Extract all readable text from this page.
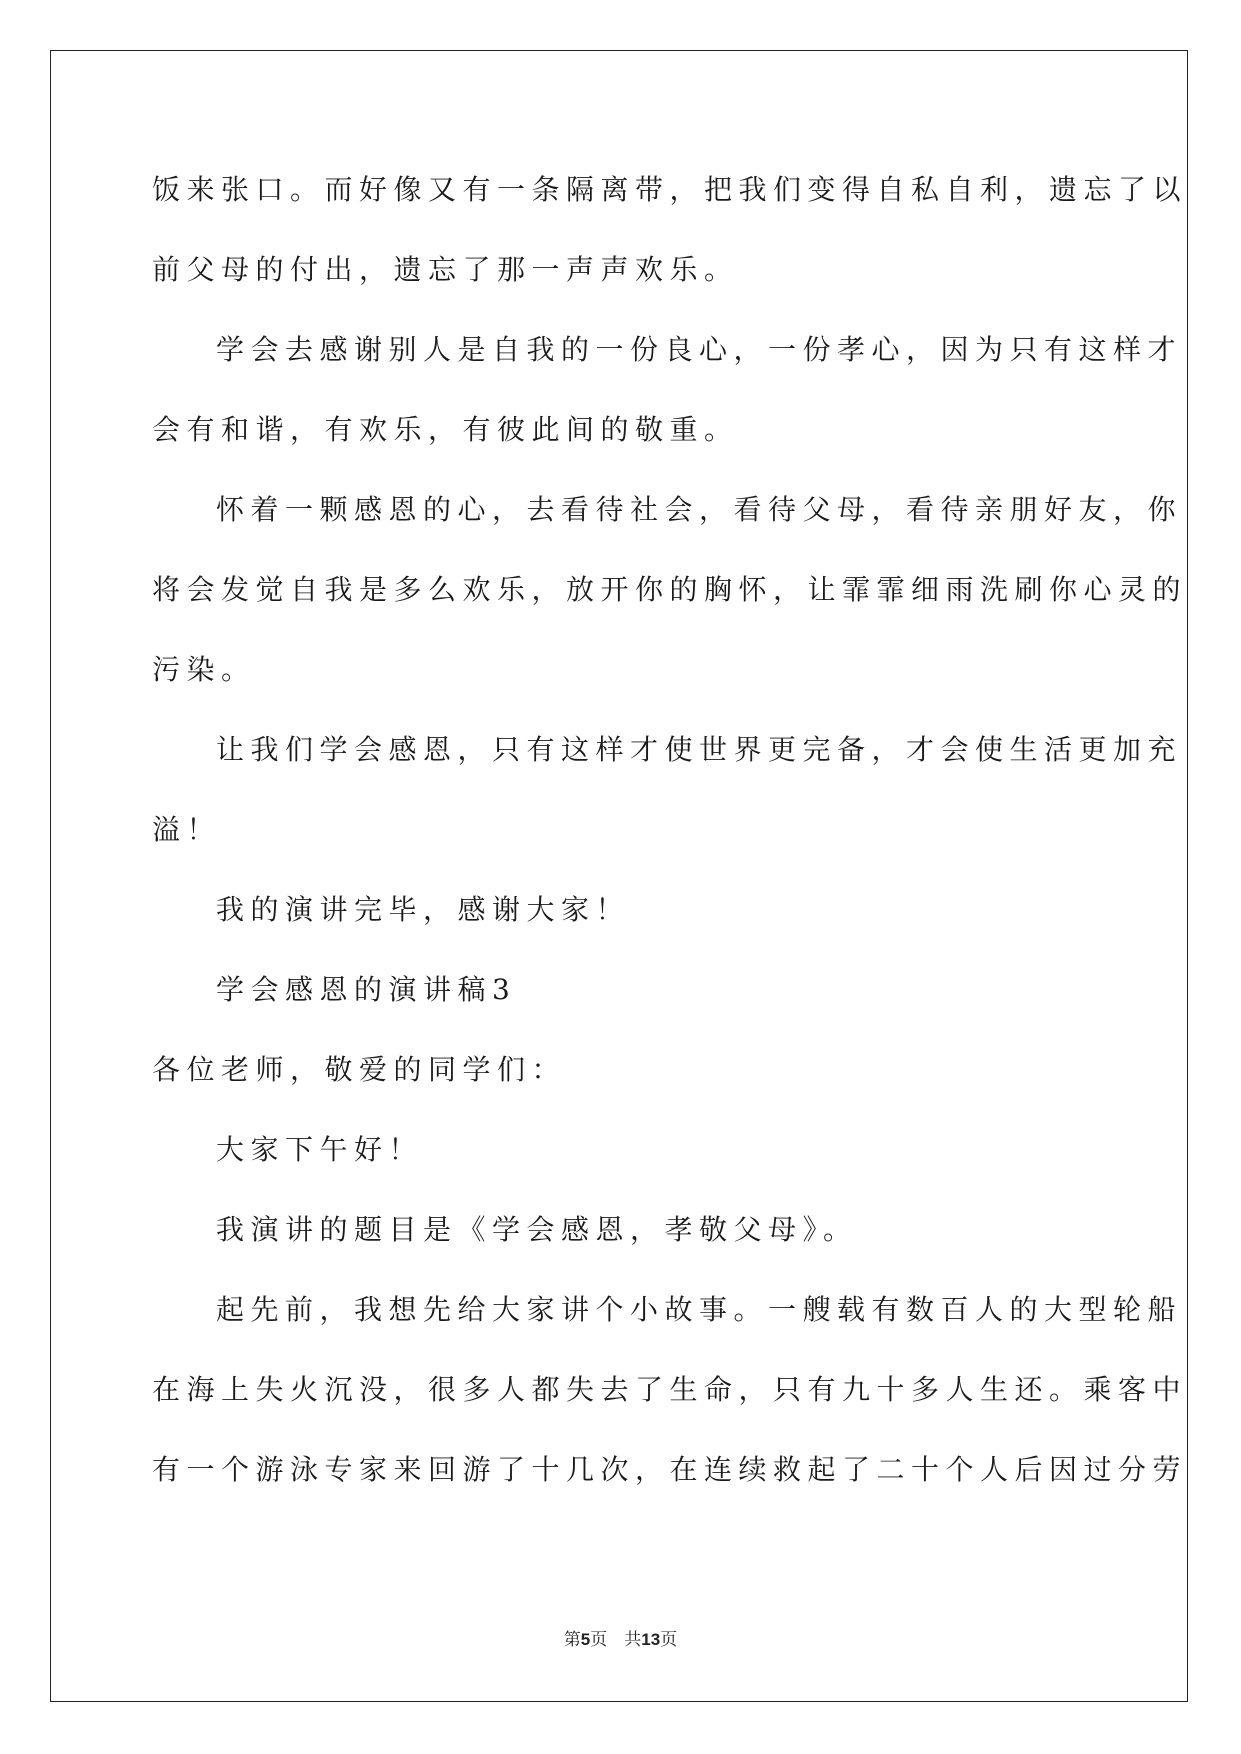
饭来张口。而好像又有一条隔离带，把我们变得自私自利，遗忘了以
前父母的付出，遗忘了那一声声欢乐。
学会去感谢别人是自我的一份良心，一份孝心，因为只有这样才
会有和谐，有欢乐，有彼此间的敬重。
怀着一颗感恩的心，去看待社会，看待父母，看待亲朋好友，你
将会发觉自我是多么欢乐，放开你的胸怀，让霏霏细雨洗刷你心灵的
污染。
让我们学会感恩，只有这样才使世界更完备，才会使生活更加充
溢！
我的演讲完毕，感谢大家！
学会感恩的演讲稿3
各位老师，敬爱的同学们：
大家下午好！
我演讲的题目是《学会感恩，孝敬父母》。
起先前，我想先给大家讲个小故事。一艘载有数百人的大型轮船
在海上失火沉没，很多人都失去了生命，只有九十多人生还。乘客中
有一个游泳专家来回游了十几次，在连续救起了二十个人后因过分劳
第5页　共13页
